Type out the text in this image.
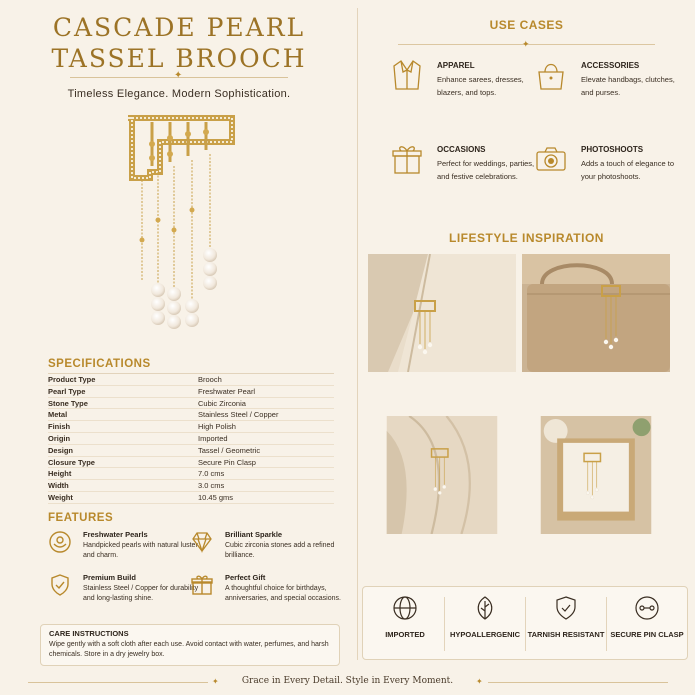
CASCADE PEARL
TASSEL BROOCH
✦
Timeless Elegance. Modern Sophistication.
SPECIFICATIONS
Product Type	Brooch
Pearl Type	Freshwater Pearl
Stone Type	Cubic Zirconia
Metal	Stainless Steel / Copper
Finish	High Polish
Origin	Imported
Design	Tassel / Geometric
Closure Type	Secure Pin Clasp
Height	7.0 cms
Width	3.0 cms
Weight	10.45 gms
FEATURES
Freshwater Pearls
Handpicked pearls with natural luster and charm.
Brilliant Sparkle
Cubic zirconia stones add a refined brilliance.
Premium Build
Stainless Steel / Copper for durability and long-lasting shine.
Perfect Gift
A thoughtful choice for birthdays, anniversaries, and special occasions.
CARE INSTRUCTIONS
Wipe gently with a soft cloth after each use. Avoid contact with water, perfumes, and harsh chemicals. Store in a dry jewelry box.
USE CASES
✦
APPAREL
Enhance sarees, dresses, blazers, and tops.
ACCESSORIES
Elevate handbags, clutches, and purses.
OCCASIONS
Perfect for weddings, parties, and festive celebrations.
PHOTOSHOOTS
Adds a touch of elegance to your photoshoots.
LIFESTYLE INSPIRATION
IMPORTED	HYPOALLERGENIC	TARNISH RESISTANT SECURE PIN CLASP
✦	Grace in Every Detail. Style in Every Moment.	✦
